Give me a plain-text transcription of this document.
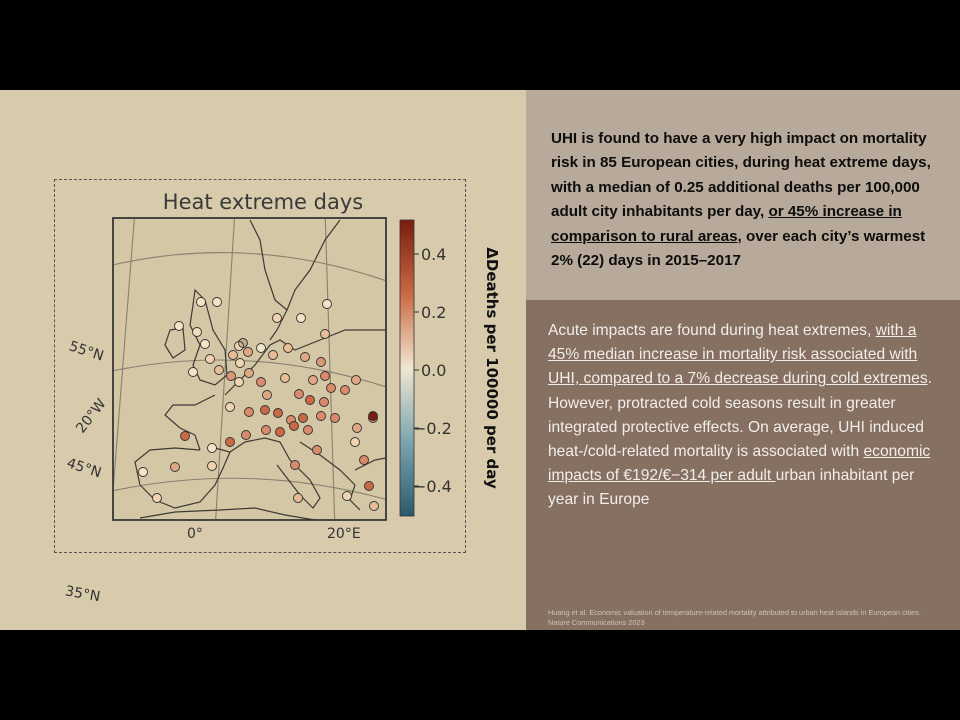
Heat extreme days
55°N
20°W
45°N
35°N
0°	20°E
0.4
0.2
0.0
−0.2
−0.4 ΔDeaths per 100000 per day
UHI is found to have a very high impact on mortality risk in 85 European cities, during heat extreme days, with a median of 0.25 additional deaths per 100,000 adult city inhabitants per day, or 45% increase in comparison to rural areas, over each city’s warmest 2% (22) days in 2015–2017
Acute impacts are found during heat extremes, with a 45% median increase in mortality risk associated with UHI, compared to a 7% decrease during cold extremes. However, protracted cold seasons result in greater integrated protective effects. On average, UHI induced heat-/cold-related mortality is associated with economic impacts of €192/€−314 per adult urban inhabitant per year in Europe
Huang et al. Economic valuation of temperature-related mortality attributed to urban heat islands in European cities. Nature Communications 2023
